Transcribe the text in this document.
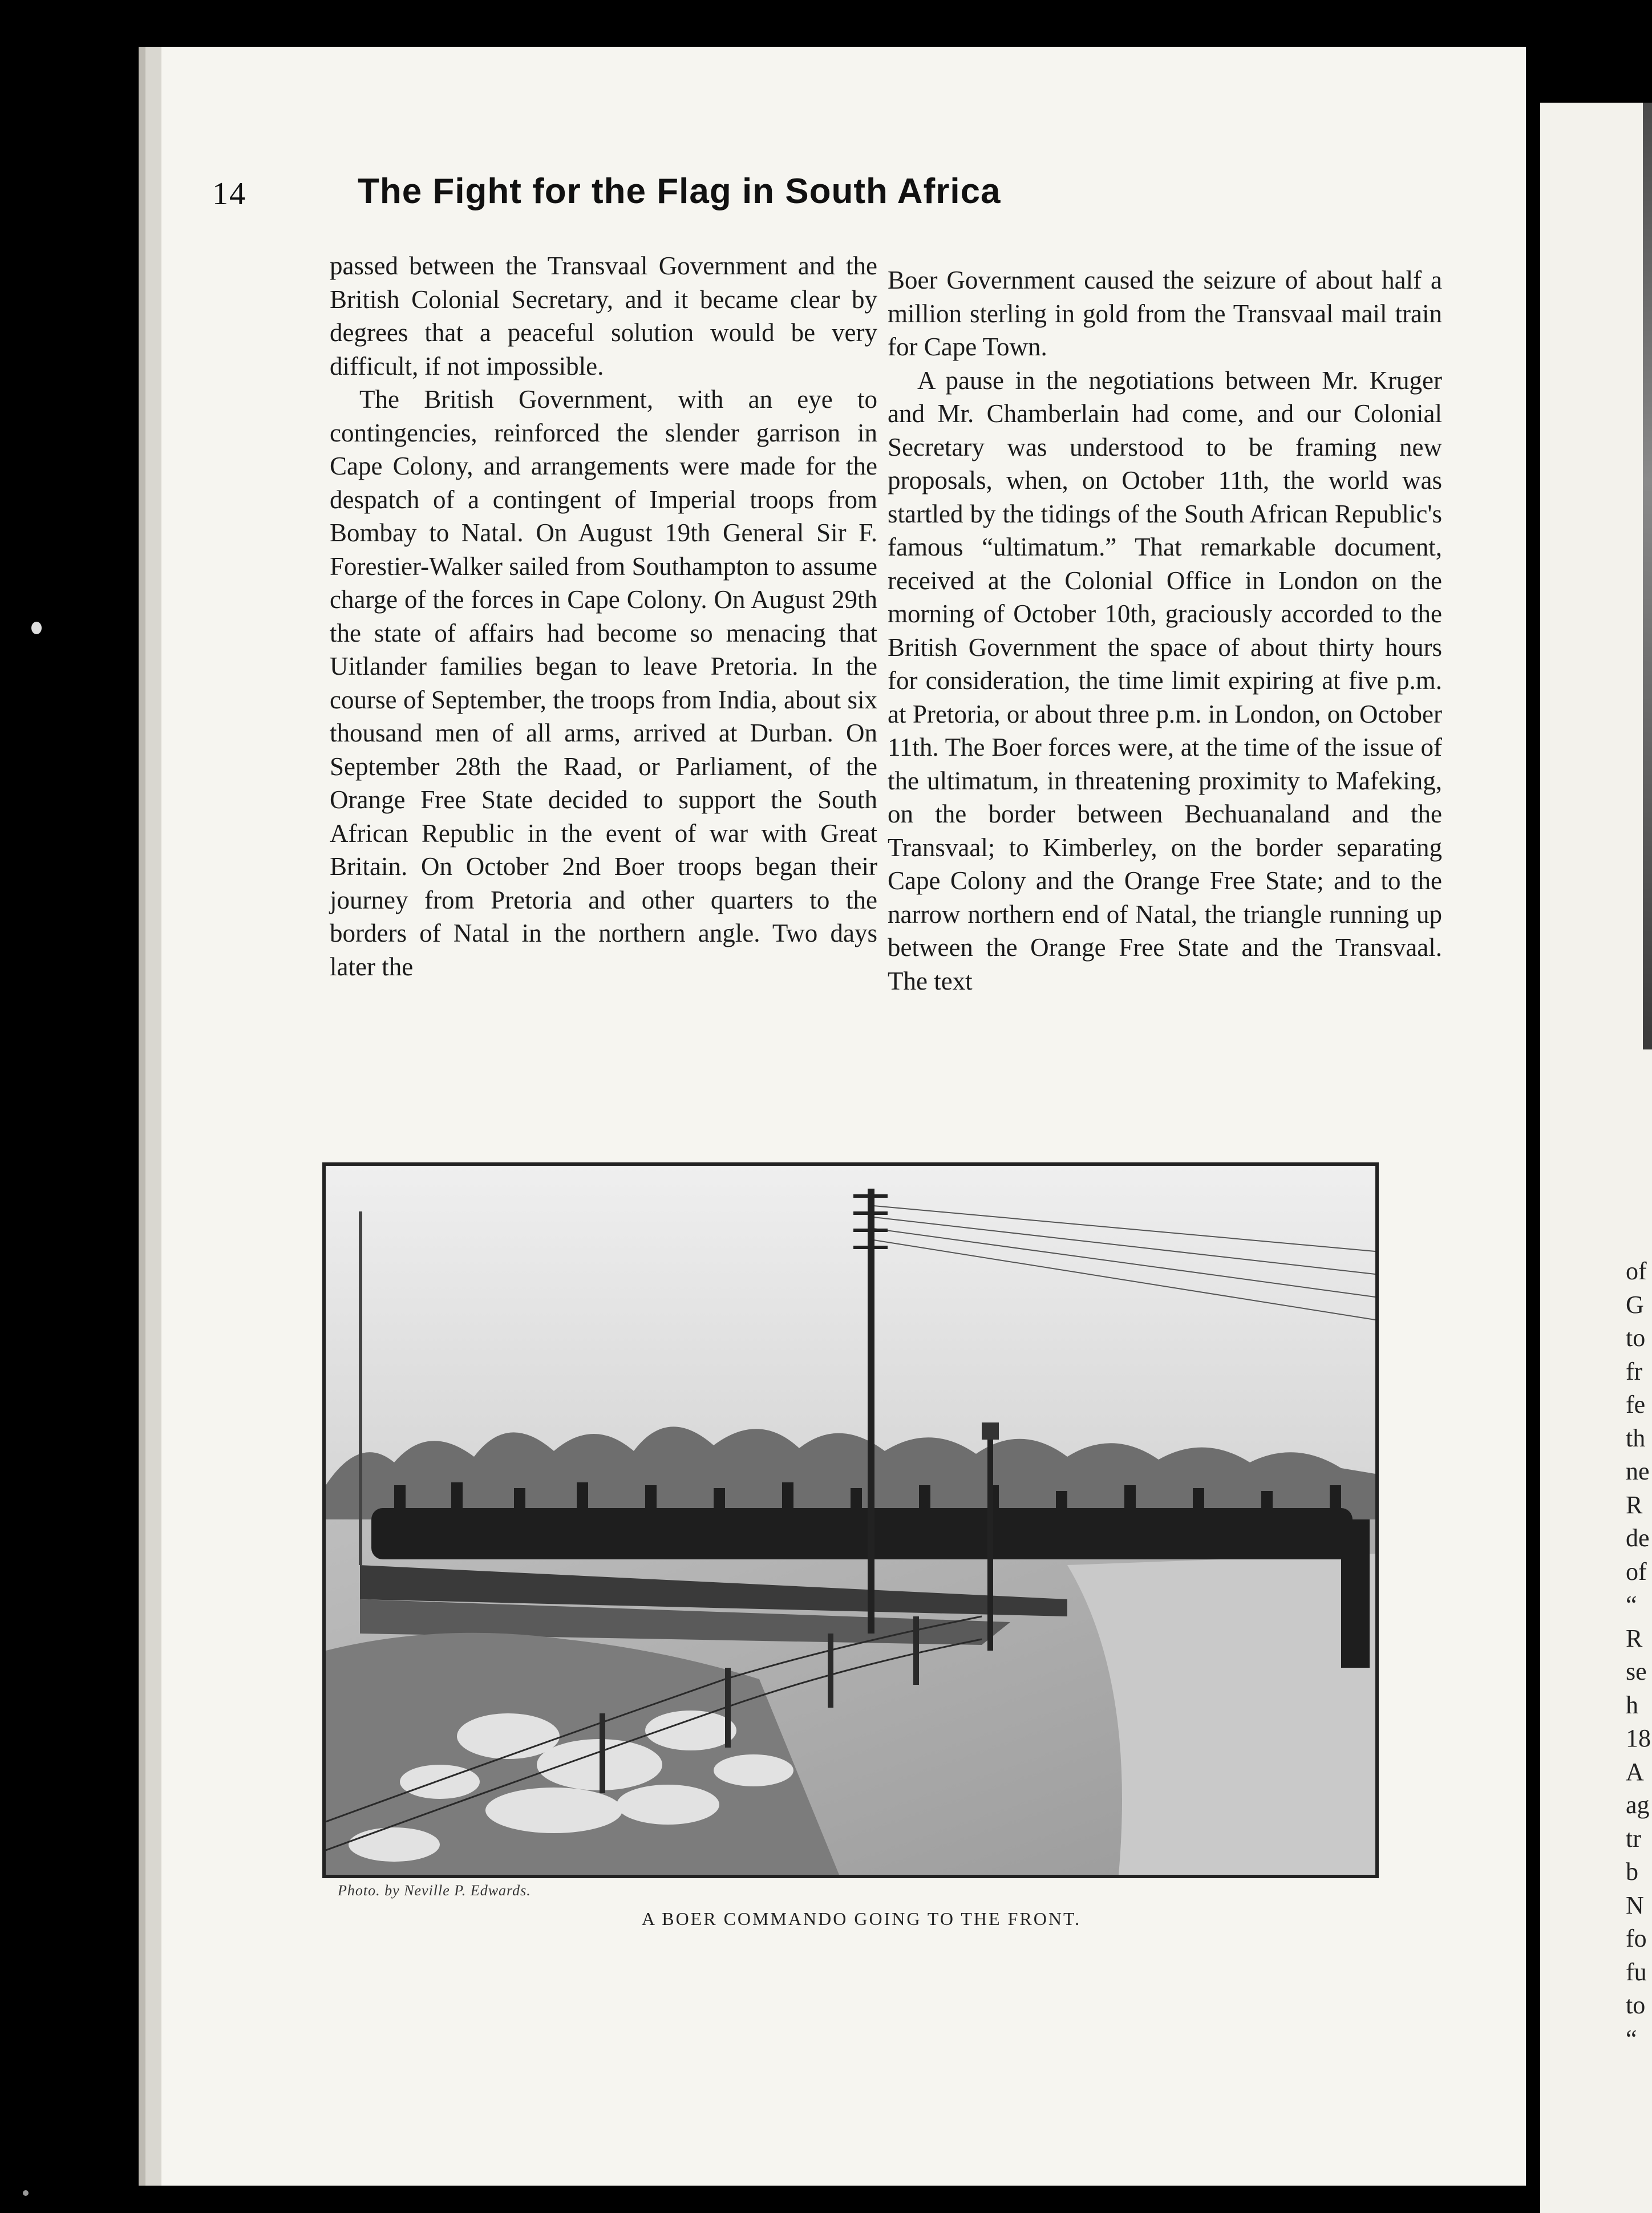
of
G
to
fr
fe
th
ne
R
de
of
“
R
se
h
18
A
ag
tr
b
N
fo
fu
to
“
14	The Fight for the Flag in South Africa

passed between the Transvaal Government and the British Colonial Secretary, and it became clear by degrees that a peaceful solution would be very difficult, if not impossible.

The British Government, with an eye to contingencies, reinforced the slender garrison in Cape Colony, and arrangements were made for the despatch of a contingent of Imperial troops from Bombay to Natal. On August 19th General Sir F. Forestier-Walker sailed from Southampton to assume charge of the forces in Cape Colony. On August 29th the state of affairs had become so menacing that Uitlander families began to leave Pretoria. In the course of September, the troops from India, about six thousand men of all arms, arrived at Durban. On September 28th the Raad, or Parliament, of the Orange Free State decided to support the South African Republic in the event of war with Great Britain. On October 2nd Boer troops began their journey from Pretoria and other quarters to the borders of Natal in the northern angle. Two days later the

Boer Government caused the seizure of about half a million sterling in gold from the Transvaal mail train for Cape Town.

A pause in the negotiations between Mr. Kruger and Mr. Chamberlain had come, and our Colonial Secretary was understood to be framing new proposals, when, on October 11th, the world was startled by the tidings of the South African Republic's famous “ultimatum.” That remarkable document, received at the Colonial Office in London on the morning of October 10th, graciously accorded to the British Government the space of about thirty hours for consideration, the time limit expiring at five p.m. at Pretoria, or about three p.m. in London, on October 11th. The Boer forces were, at the time of the issue of the ultimatum, in threatening proximity to Mafeking, on the border between Bechuanaland and the Transvaal; to Kimberley, on the border separating Cape Colony and the Orange Free State; and to the narrow northern end of Natal, the triangle running up between the Orange Free State and the Transvaal. The text

Photo. by Neville P. Edwards.
A BOER COMMANDO GOING TO THE FRONT.
